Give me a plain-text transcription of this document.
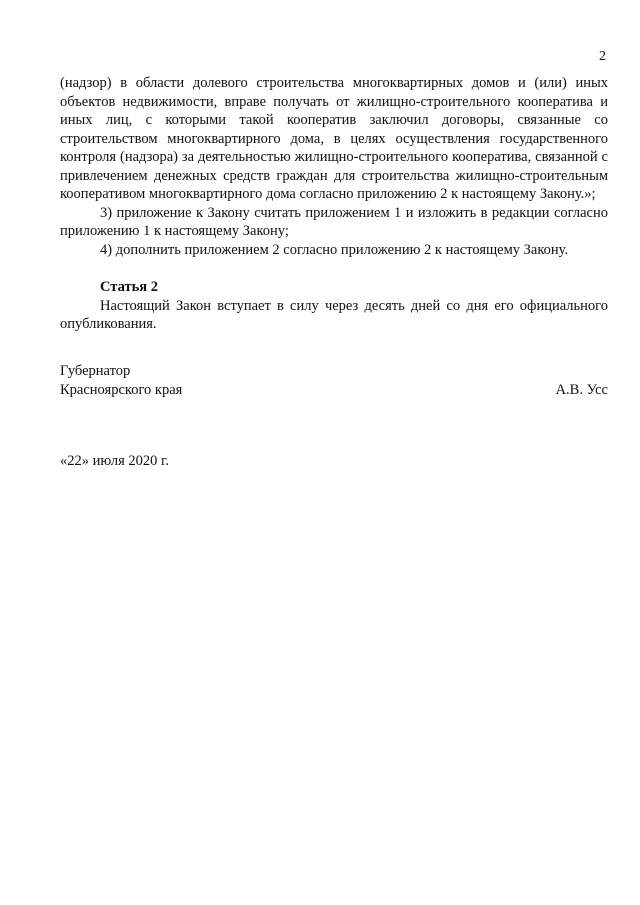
2

(надзор) в области долевого строительства многоквартирных домов и (или) иных объектов недвижимости, вправе получать от жилищно-строительного кооператива и иных лиц, с которыми такой кооператив заключил договоры, связанные со строительством многоквартирного дома, в целях осуществления государственного контроля (надзора) за деятельностью жилищно-строительного кооператива, связанной с привлечением денежных средств граждан для строительства жилищно-строительным кооперативом многоквартирного дома согласно приложению 2 к настоящему Закону.»;

3) приложение к Закону считать приложением 1 и изложить в редакции согласно приложению 1 к настоящему Закону;

4) дополнить приложением 2 согласно приложению 2 к настоящему Закону.

Статья 2

Настоящий Закон вступает в силу через десять дней со дня его официального опубликования.

Губернатор
Красноярского края	А.В. Усс
«22» июля 2020 г.
